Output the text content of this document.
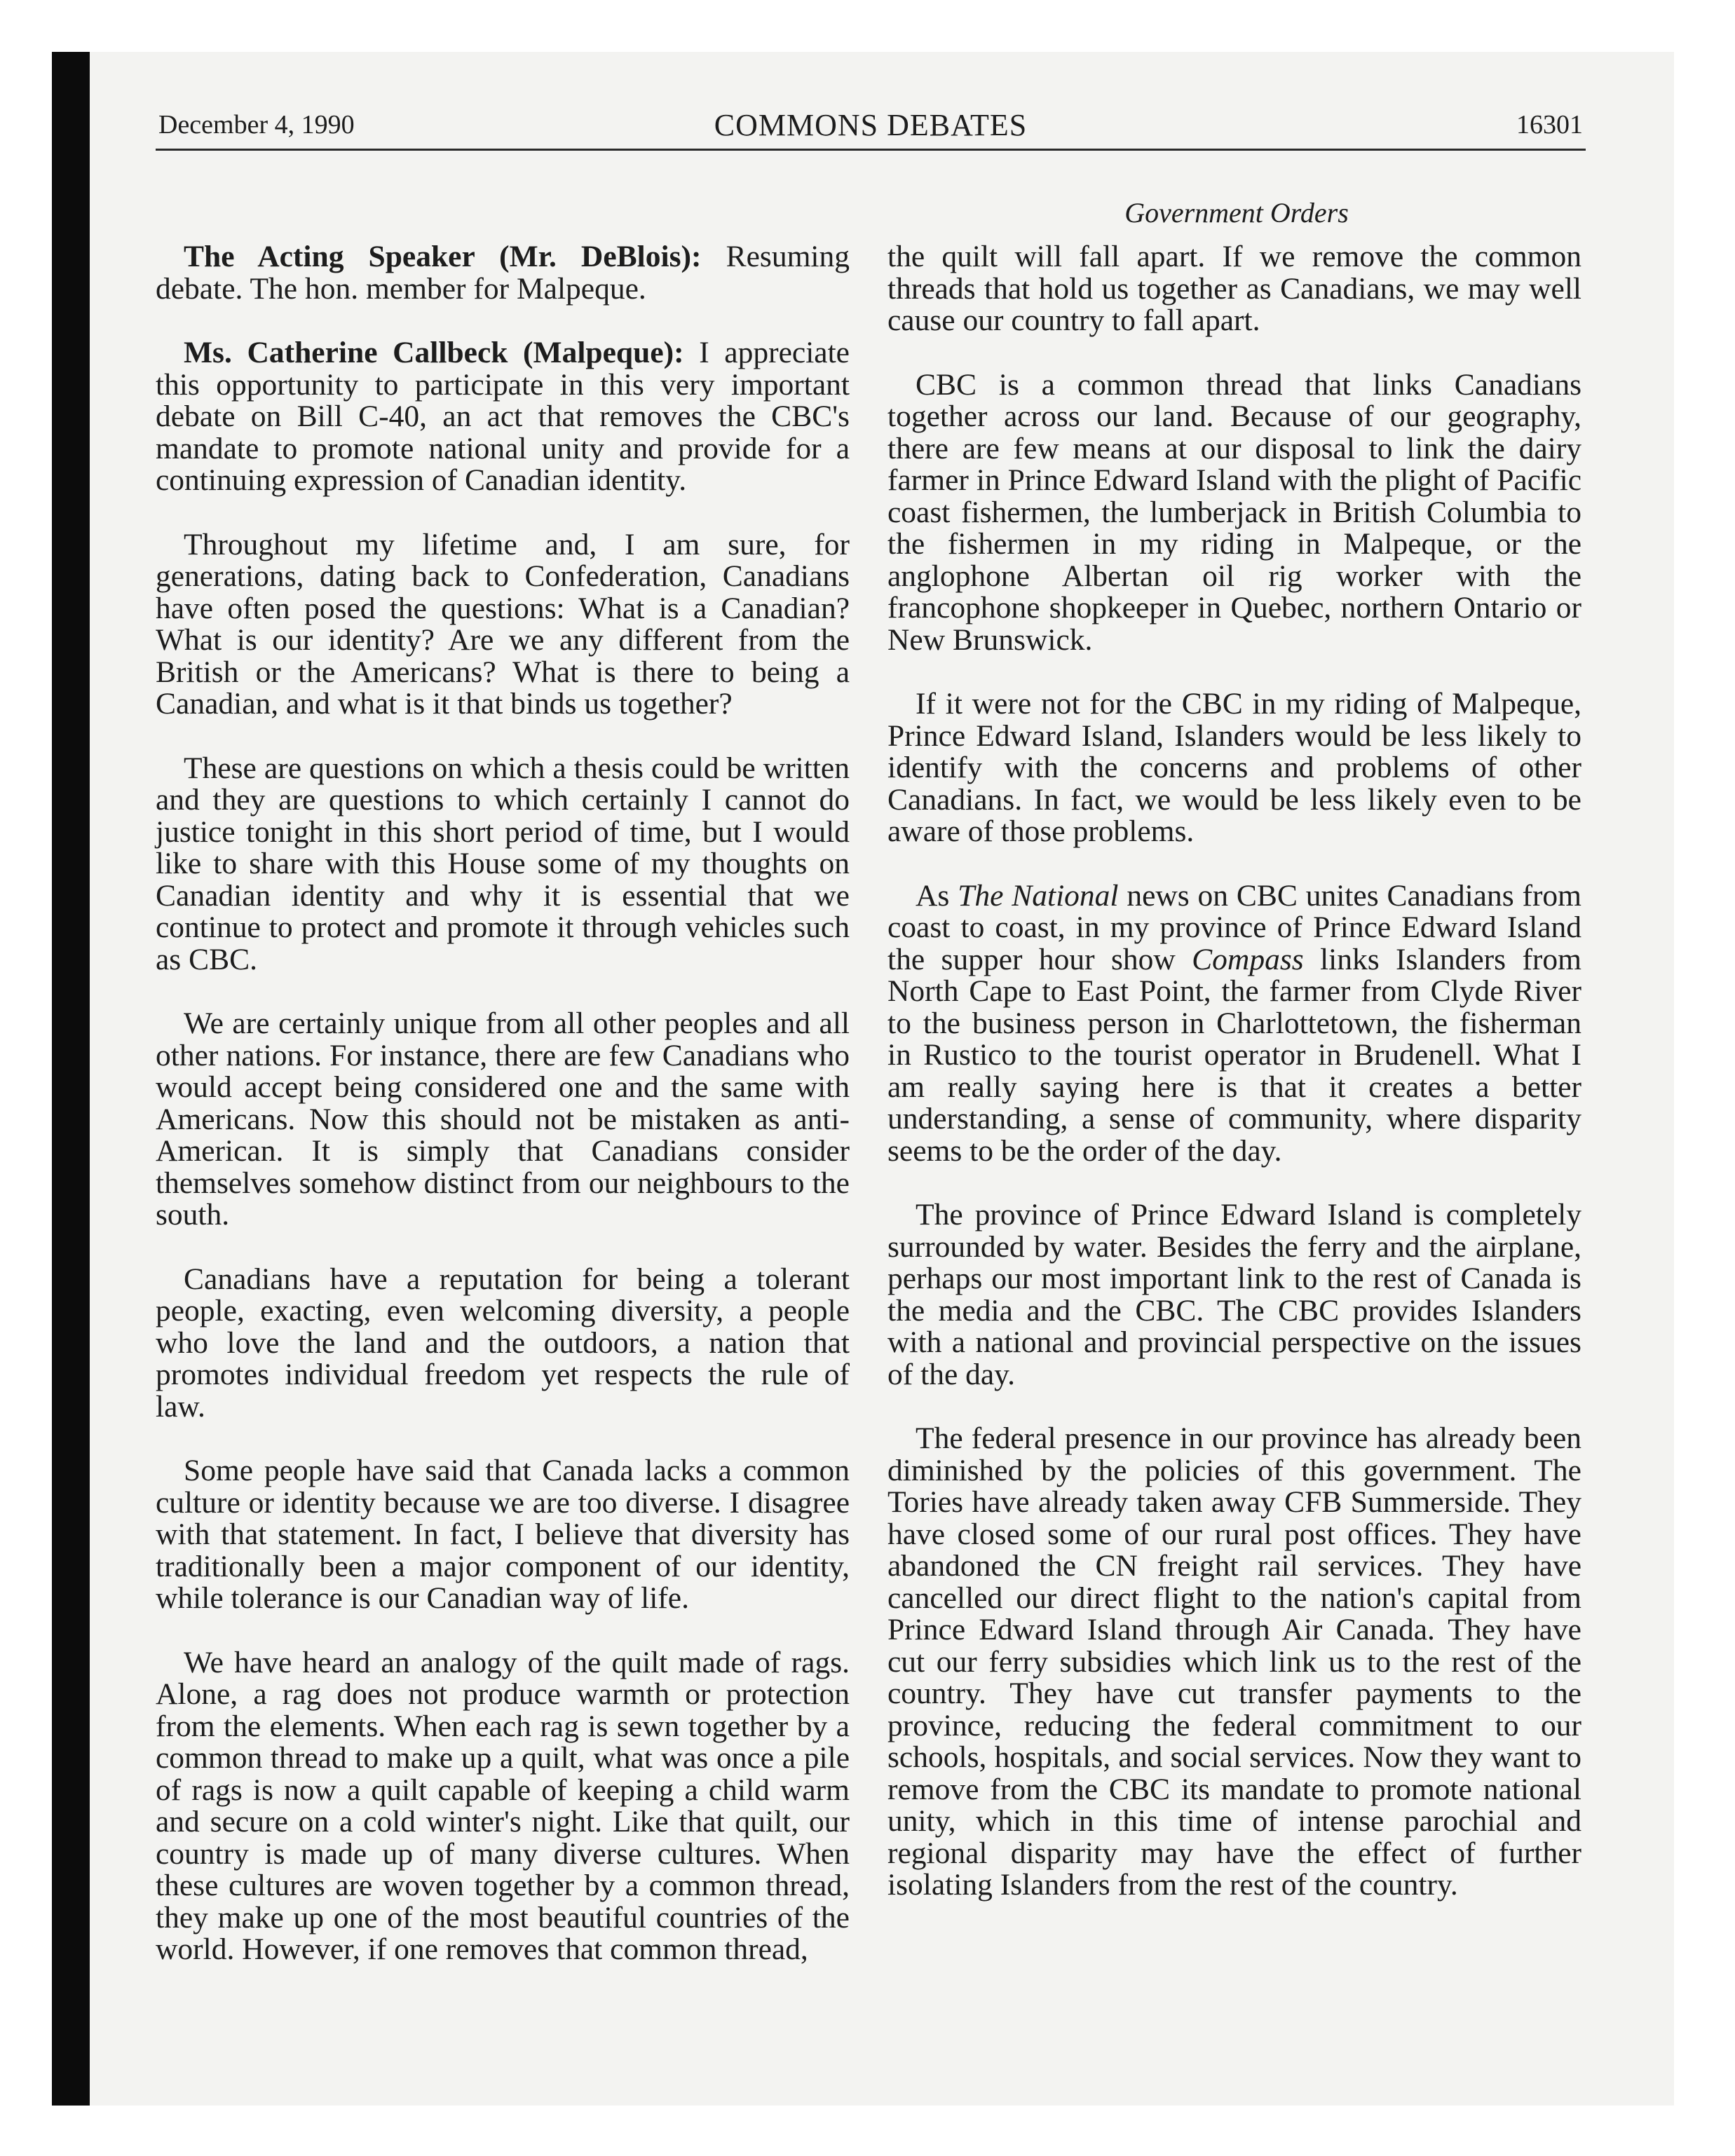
December 4, 1990	COMMONS DEBATES	16301
Government Orders

The Acting Speaker (Mr. DeBlois): Resuming debate. The hon. member for Malpeque.

Ms. Catherine Callbeck (Malpeque): I appreciate this opportunity to participate in this very important debate on Bill C-40, an act that removes the CBC's mandate to promote national unity and provide for a continuing expression of Canadian identity.

Throughout my lifetime and, I am sure, for generations, dating back to Confederation, Canadians have often posed the questions: What is a Canadian? What is our identity? Are we any different from the British or the Americans? What is there to being a Canadian, and what is it that binds us together?

These are questions on which a thesis could be written and they are questions to which certainly I cannot do justice tonight in this short period of time, but I would like to share with this House some of my thoughts on Canadian identity and why it is essential that we continue to protect and promote it through vehicles such as CBC.

We are certainly unique from all other peoples and all other nations. For instance, there are few Canadians who would accept being considered one and the same with Americans. Now this should not be mistaken as anti-American. It is simply that Canadians consider themselves somehow distinct from our neighbours to the south.

Canadians have a reputation for being a tolerant people, exacting, even welcoming diversity, a people who love the land and the outdoors, a nation that promotes individual freedom yet respects the rule of law.

Some people have said that Canada lacks a common culture or identity because we are too diverse. I disagree with that statement. In fact, I believe that diversity has traditionally been a major component of our identity, while tolerance is our Canadian way of life.

We have heard an analogy of the quilt made of rags. Alone, a rag does not produce warmth or protection from the elements. When each rag is sewn together by a common thread to make up a quilt, what was once a pile of rags is now a quilt capable of keeping a child warm and secure on a cold winter's night. Like that quilt, our country is made up of many diverse cultures. When these cultures are woven together by a common thread, they make up one of the most beautiful countries of the world. However, if one removes that common thread,

the quilt will fall apart. If we remove the common threads that hold us together as Canadians, we may well cause our country to fall apart.

CBC is a common thread that links Canadians together across our land. Because of our geography, there are few means at our disposal to link the dairy farmer in Prince Edward Island with the plight of Pacific coast fishermen, the lumberjack in British Columbia to the fishermen in my riding in Malpeque, or the anglophone Albertan oil rig worker with the francophone shopkeeper in Quebec, northern Ontario or New Brunswick.

If it were not for the CBC in my riding of Malpeque, Prince Edward Island, Islanders would be less likely to identify with the concerns and problems of other Canadians. In fact, we would be less likely even to be aware of those problems.

As The National news on CBC unites Canadians from coast to coast, in my province of Prince Edward Island the supper hour show Compass links Islanders from North Cape to East Point, the farmer from Clyde River to the business person in Charlottetown, the fisherman in Rustico to the tourist operator in Brudenell. What I am really saying here is that it creates a better understanding, a sense of community, where disparity seems to be the order of the day.

The province of Prince Edward Island is completely surrounded by water. Besides the ferry and the airplane, perhaps our most important link to the rest of Canada is the media and the CBC. The CBC provides Islanders with a national and provincial perspective on the issues of the day.

The federal presence in our province has already been diminished by the policies of this government. The Tories have already taken away CFB Summerside. They have closed some of our rural post offices. They have abandoned the CN freight rail services. They have cancelled our direct flight to the nation's capital from Prince Edward Island through Air Canada. They have cut our ferry subsidies which link us to the rest of the country. They have cut transfer payments to the province, reducing the federal commitment to our schools, hospitals, and social services. Now they want to remove from the CBC its mandate to promote national unity, which in this time of intense parochial and regional disparity may have the effect of further isolating Islanders from the rest of the country.
